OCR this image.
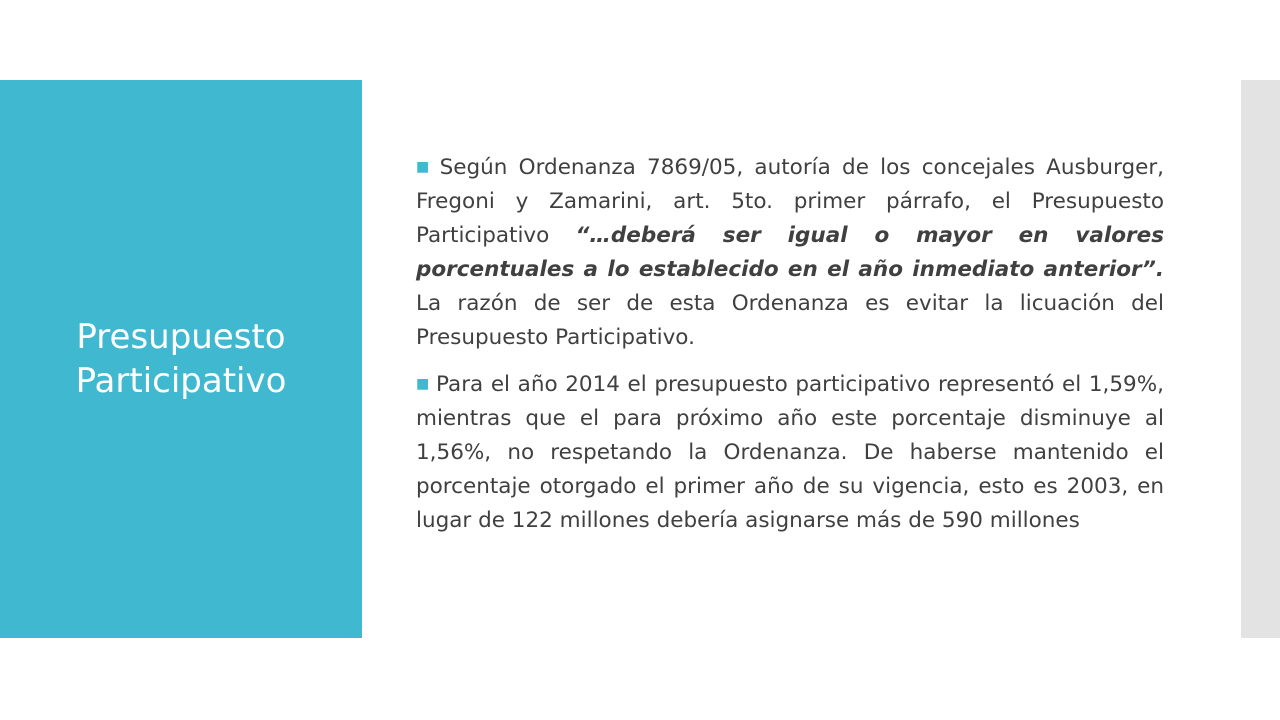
Presupuesto Participativo

■ Según Ordenanza 7869/05, autoría de los concejales Ausburger, Fregoni y Zamarini, art. 5to. primer párrafo, el Presupuesto Participativo “…deberá ser igual o mayor en valores porcentuales a lo establecido en el año inmediato anterior”. La razón de ser de esta Ordenanza es evitar la licuación del Presupuesto Participativo.

■ Para el año 2014 el presupuesto participativo representó el 1,59%, mientras que el para próximo año este porcentaje disminuye al 1,56%, no respetando la Ordenanza. De haberse mantenido el porcentaje otorgado el primer año de su vigencia, esto es 2003, en lugar de 122 millones debería asignarse más de 590 millones
